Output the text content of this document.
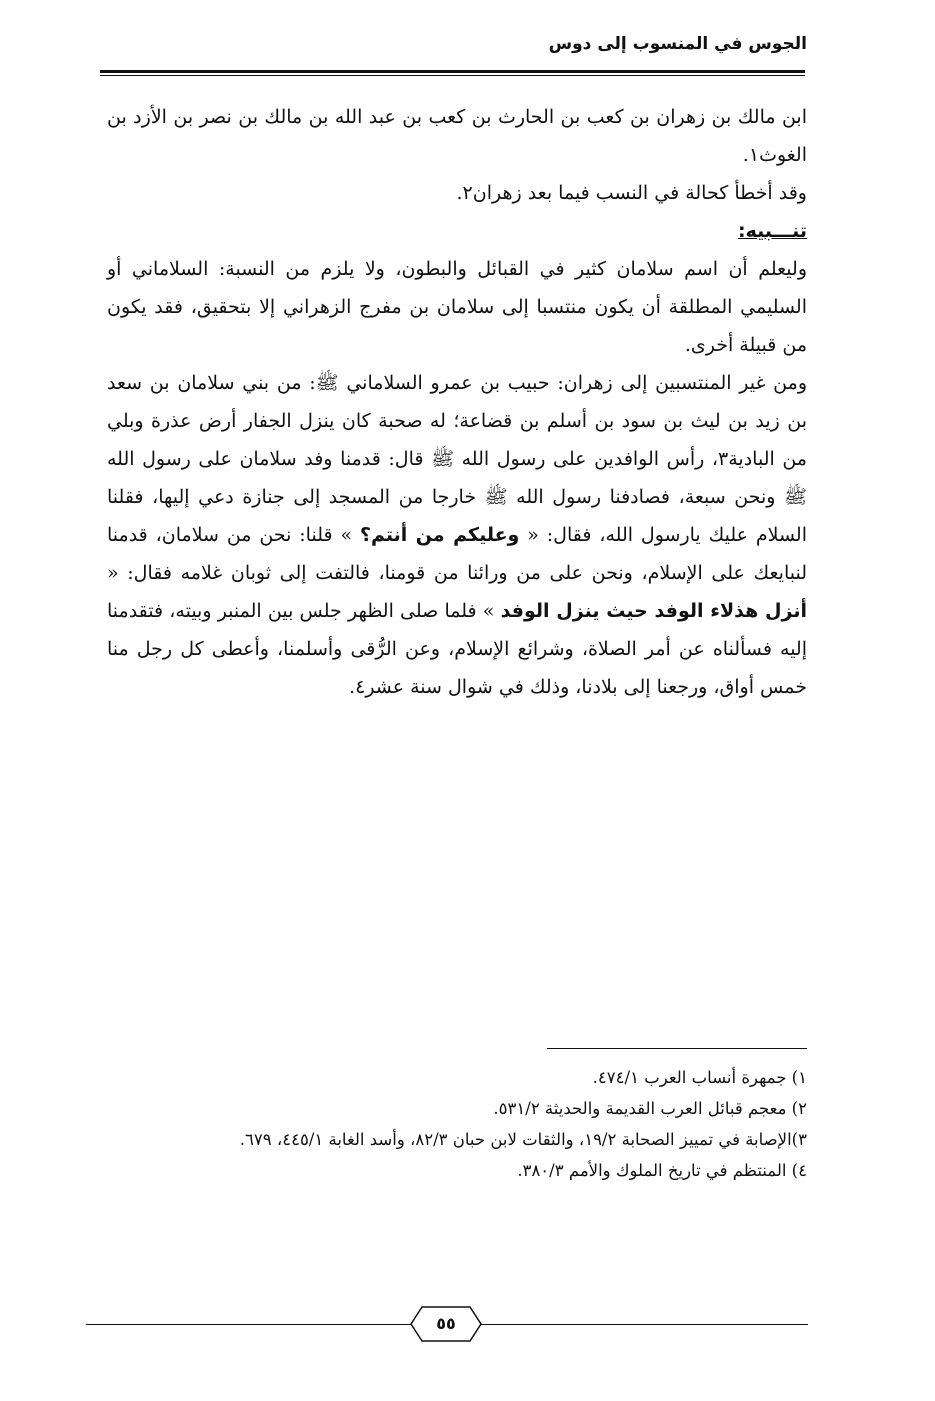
الجوس في المنسوب إلى دوس

ابن مالك بن زهران بن كعب بن الحارث بن كعب بن عبد الله بن مالك بن نصر بن الأزد بن الغوث١.

وقد أخطأ كحالة في النسب فيما بعد زهران٢.

تنـــبيه:

وليعلم أن اسم سلامان كثير في القبائل والبطون، ولا يلزم من النسبة: السلاماني أو السليمي المطلقة أن يكون منتسبا إلى سلامان بن مفرج الزهراني إلا بتحقيق، فقد يكون من قبيلة أخرى.

ومن غير المنتسبين إلى زهران: حبيب بن عمرو السلاماني ﷺ: من بني سلامان بن سعد بن زيد بن ليث بن سود بن أسلم بن قضاعة؛ له صحبة كان ينزل الجفار أرض عذرة وبلي من البادية٣، رأس الوافدين على رسول الله ﷺ قال: قدمنا وفد سلامان على رسول الله ﷺ ونحن سبعة، فصادفنا رسول الله ﷺ خارجا من المسجد إلى جنازة دعي إليها، فقلنا السلام عليك يارسول الله، فقال: « وعليكم من أنتم؟ » قلنا: نحن من سلامان، قدمنا لنبايعك على الإسلام، ونحن على من ورائنا من قومنا، فالتفت إلى ثوبان غلامه فقال: « أنزل هذلاء الوفد حيث ينزل الوفد » فلما صلى الظهر جلس بين المنبر وبيته، فتقدمنا إليه فسألناه عن أمر الصلاة، وشرائع الإسلام، وعن الرُّقى وأسلمنا، وأعطى كل رجل منا خمس أواق، ورجعنا إلى بلادنا، وذلك في شوال سنة عشر٤.

١) جمهرة أنساب العرب ٤٧٤/١.

٢) معجم قبائل العرب القديمة والحديثة ٥٣١/٢.

٣)الإصابة في تمييز الصحابة ١٩/٢، والثقات لابن حبان ٨٢/٣، وأسد الغابة ٤٤٥/١، ٦٧٩.

٤) المنتظم في تاريخ الملوك والأمم ٣٨٠/٣.

٥٥
